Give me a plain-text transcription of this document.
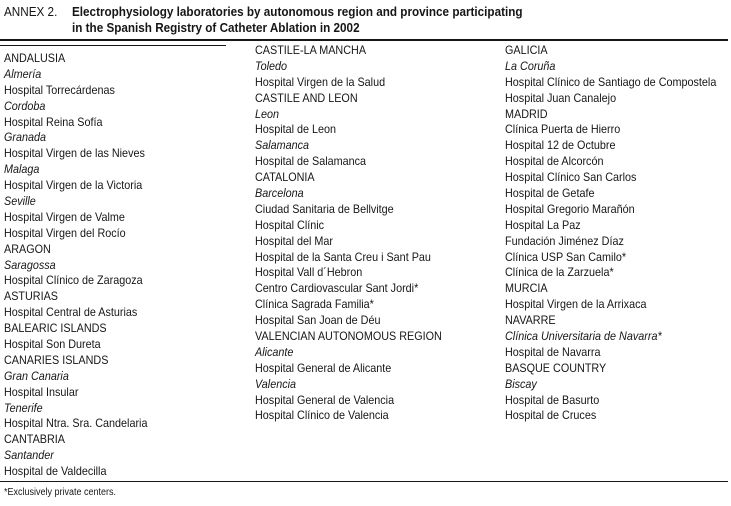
ANNEX 2. Electrophysiology laboratories by autonomous region and province participating
in the Spanish Registry of Catheter Ablation in 2002
ANDALUSIA
Almería
Hospital Torrecárdenas
Cordoba
Hospital Reina Sofía
Granada
Hospital Virgen de las Nieves
Malaga
Hospital Virgen de la Victoria
Seville
Hospital Virgen de Valme
Hospital Virgen del Rocío
ARAGON
Saragossa
Hospital Clínico de Zaragoza
ASTURIAS
Hospital Central de Asturias
BALEARIC ISLANDS
Hospital Son Dureta
CANARIES ISLANDS
Gran Canaria
Hospital Insular
Tenerife
Hospital Ntra. Sra. Candelaria
CANTABRIA
Santander
Hospital de Valdecilla
CASTILE-LA MANCHA
Toledo
Hospital Virgen de la Salud
CASTILE AND LEON
Leon
Hospital de Leon
Salamanca
Hospital de Salamanca
CATALONIA
Barcelona
Ciudad Sanitaria de Bellvitge
Hospital Clínic
Hospital del Mar
Hospital de la Santa Creu i Sant Pau
Hospital Vall d´Hebron
Centro Cardiovascular Sant Jordi*
Clínica Sagrada Familia*
Hospital San Joan de Déu
VALENCIAN AUTONOMOUS REGION
Alicante
Hospital General de Alicante
Valencia
Hospital General de Valencia
Hospital Clínico de Valencia
GALICIA
La Coruña
Hospital Clínico de Santiago de Compostela
Hospital Juan Canalejo
MADRID
Clínica Puerta de Hierro
Hospital 12 de Octubre
Hospital de Alcorcón
Hospital Clínico San Carlos
Hospital de Getafe
Hospital Gregorio Marañón
Hospital La Paz
Fundación Jiménez Díaz
Clínica USP San Camilo*
Clínica de la Zarzuela*
MURCIA
Hospital Virgen de la Arrixaca
NAVARRE
Clínica Universitaria de Navarra*
Hospital de Navarra
BASQUE COUNTRY
Biscay
Hospital de Basurto
Hospital de Cruces
*Exclusively private centers.
